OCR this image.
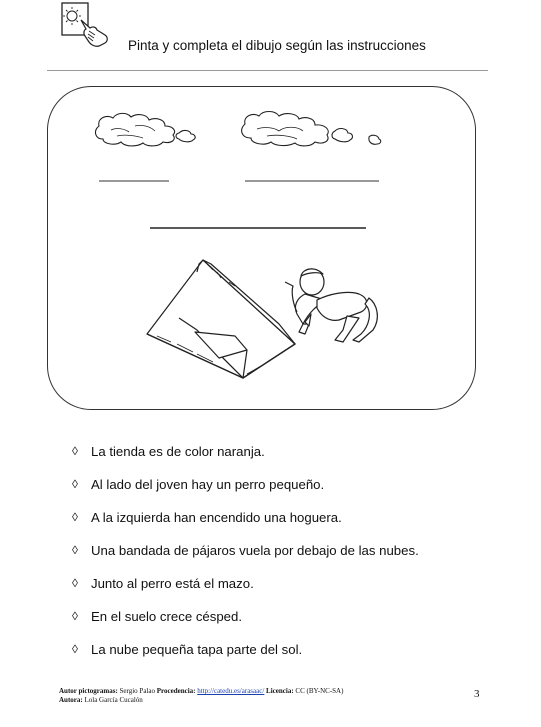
Pinta y completa el dibujo según las instrucciones
◊ La tienda es de color naranja.
◊ Al lado del joven hay un perro pequeño.
◊ A la izquierda han encendido una hoguera.
◊ Una bandada de pájaros vuela por debajo de las nubes.
◊ Junto al perro está el mazo.
◊ En el suelo crece césped.
◊ La nube pequeña tapa parte del sol.
Autor pictogramas: Sergio Palao Procedencia: http://catedu.es/arasaac/ Licencia: CC (BY-NC-SA)
Autora: Lola García Cucalón	3
